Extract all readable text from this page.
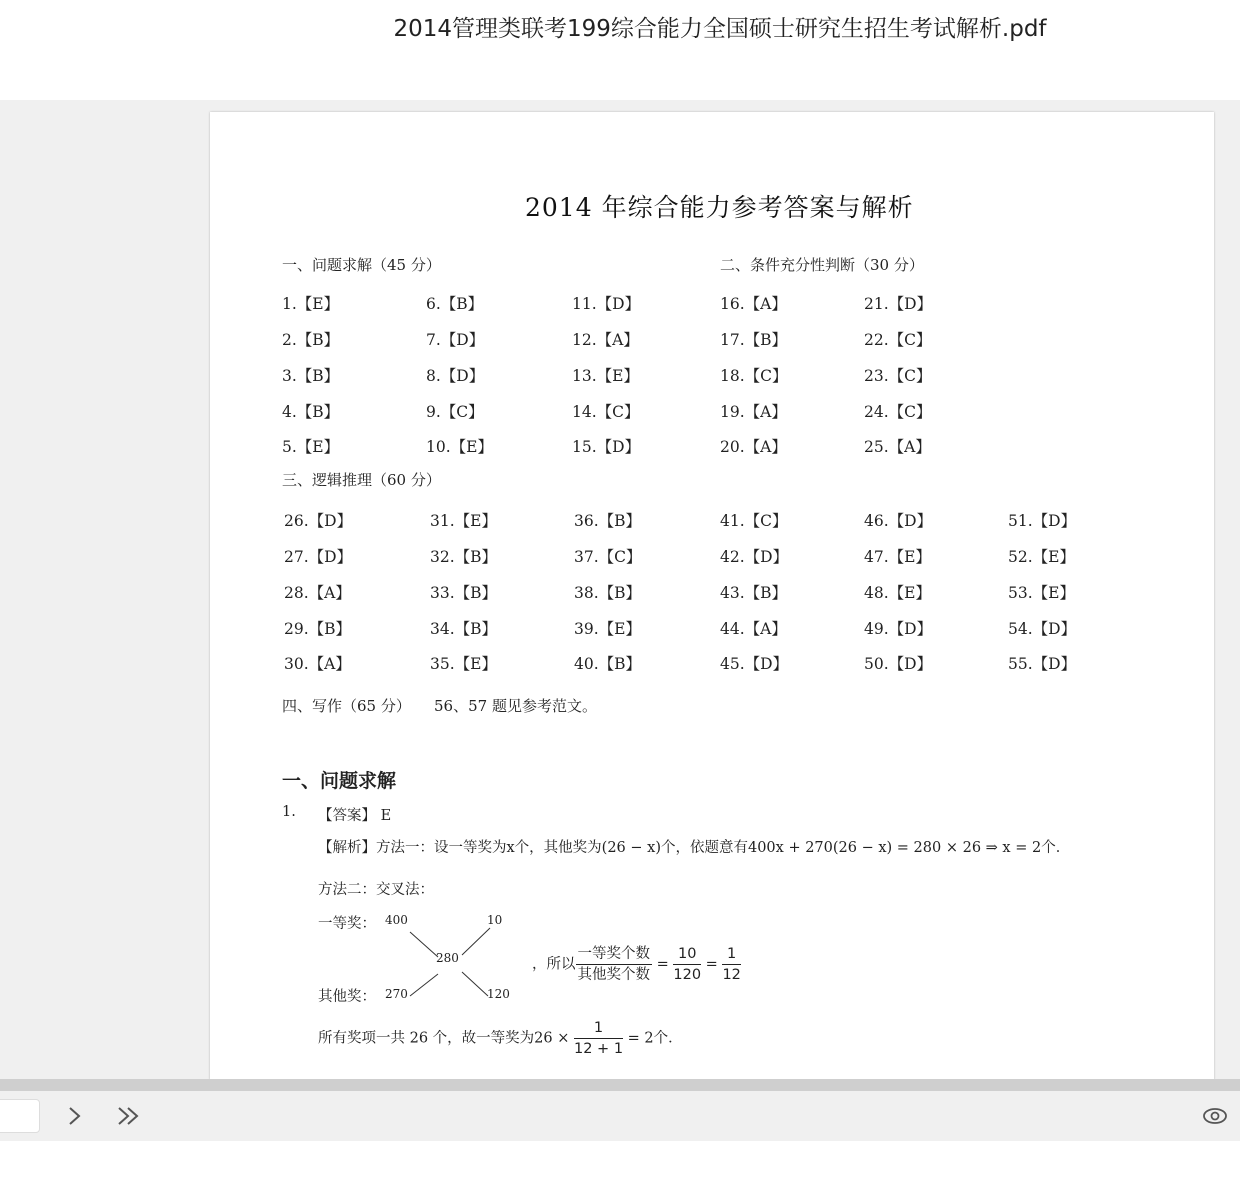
2014管理类联考199综合能力全国硕士研究生招生考试解析.pdf
2014 年综合能力参考答案与解析
一、问题求解（45 分）	二、条件充分性判断（30 分）
1.【E】	6.【B】	11.【D】	16.【A】	21.【D】
2.【B】	7.【D】	12.【A】	17.【B】	22.【C】
3.【B】	8.【D】	13.【E】	18.【C】	23.【C】
4.【B】	9.【C】	14.【C】	19.【A】	24.【C】
5.【E】	10.【E】	15.【D】	20.【A】	25.【A】
三、逻辑推理（60 分）
26.【D】	31.【E】	36.【B】	41.【C】	46.【D】	51.【D】
27.【D】	32.【B】	37.【C】	42.【D】	47.【E】	52.【E】
28.【A】	33.【B】	38.【B】	43.【B】	48.【E】	53.【E】
29.【B】	34.【B】	39.【E】	44.【A】	49.【D】	54.【D】
30.【A】	35.【E】	40.【B】	45.【D】	50.【D】	55.【D】
四、写作（65 分） 56、57 题见参考范文。
一、问题求解
1. 【答案】 E
【解析】方法一：设一等奖为x个，其他奖为(26 − x)个，依题意有400x + 270(26 − x) = 280 × 26 ⇒ x = 2个．
方法二：交叉法：
一等奖：
其他奖：
400	10
280
270	120
，所以 $\frac{\text{一等奖个数}}{\text{其他奖个数}} = \frac{10}{120} = \frac{1}{12}$
所有奖项一共 26 个，故一等奖为$26 \times \frac{1}{12 + 1} = 2$个．
